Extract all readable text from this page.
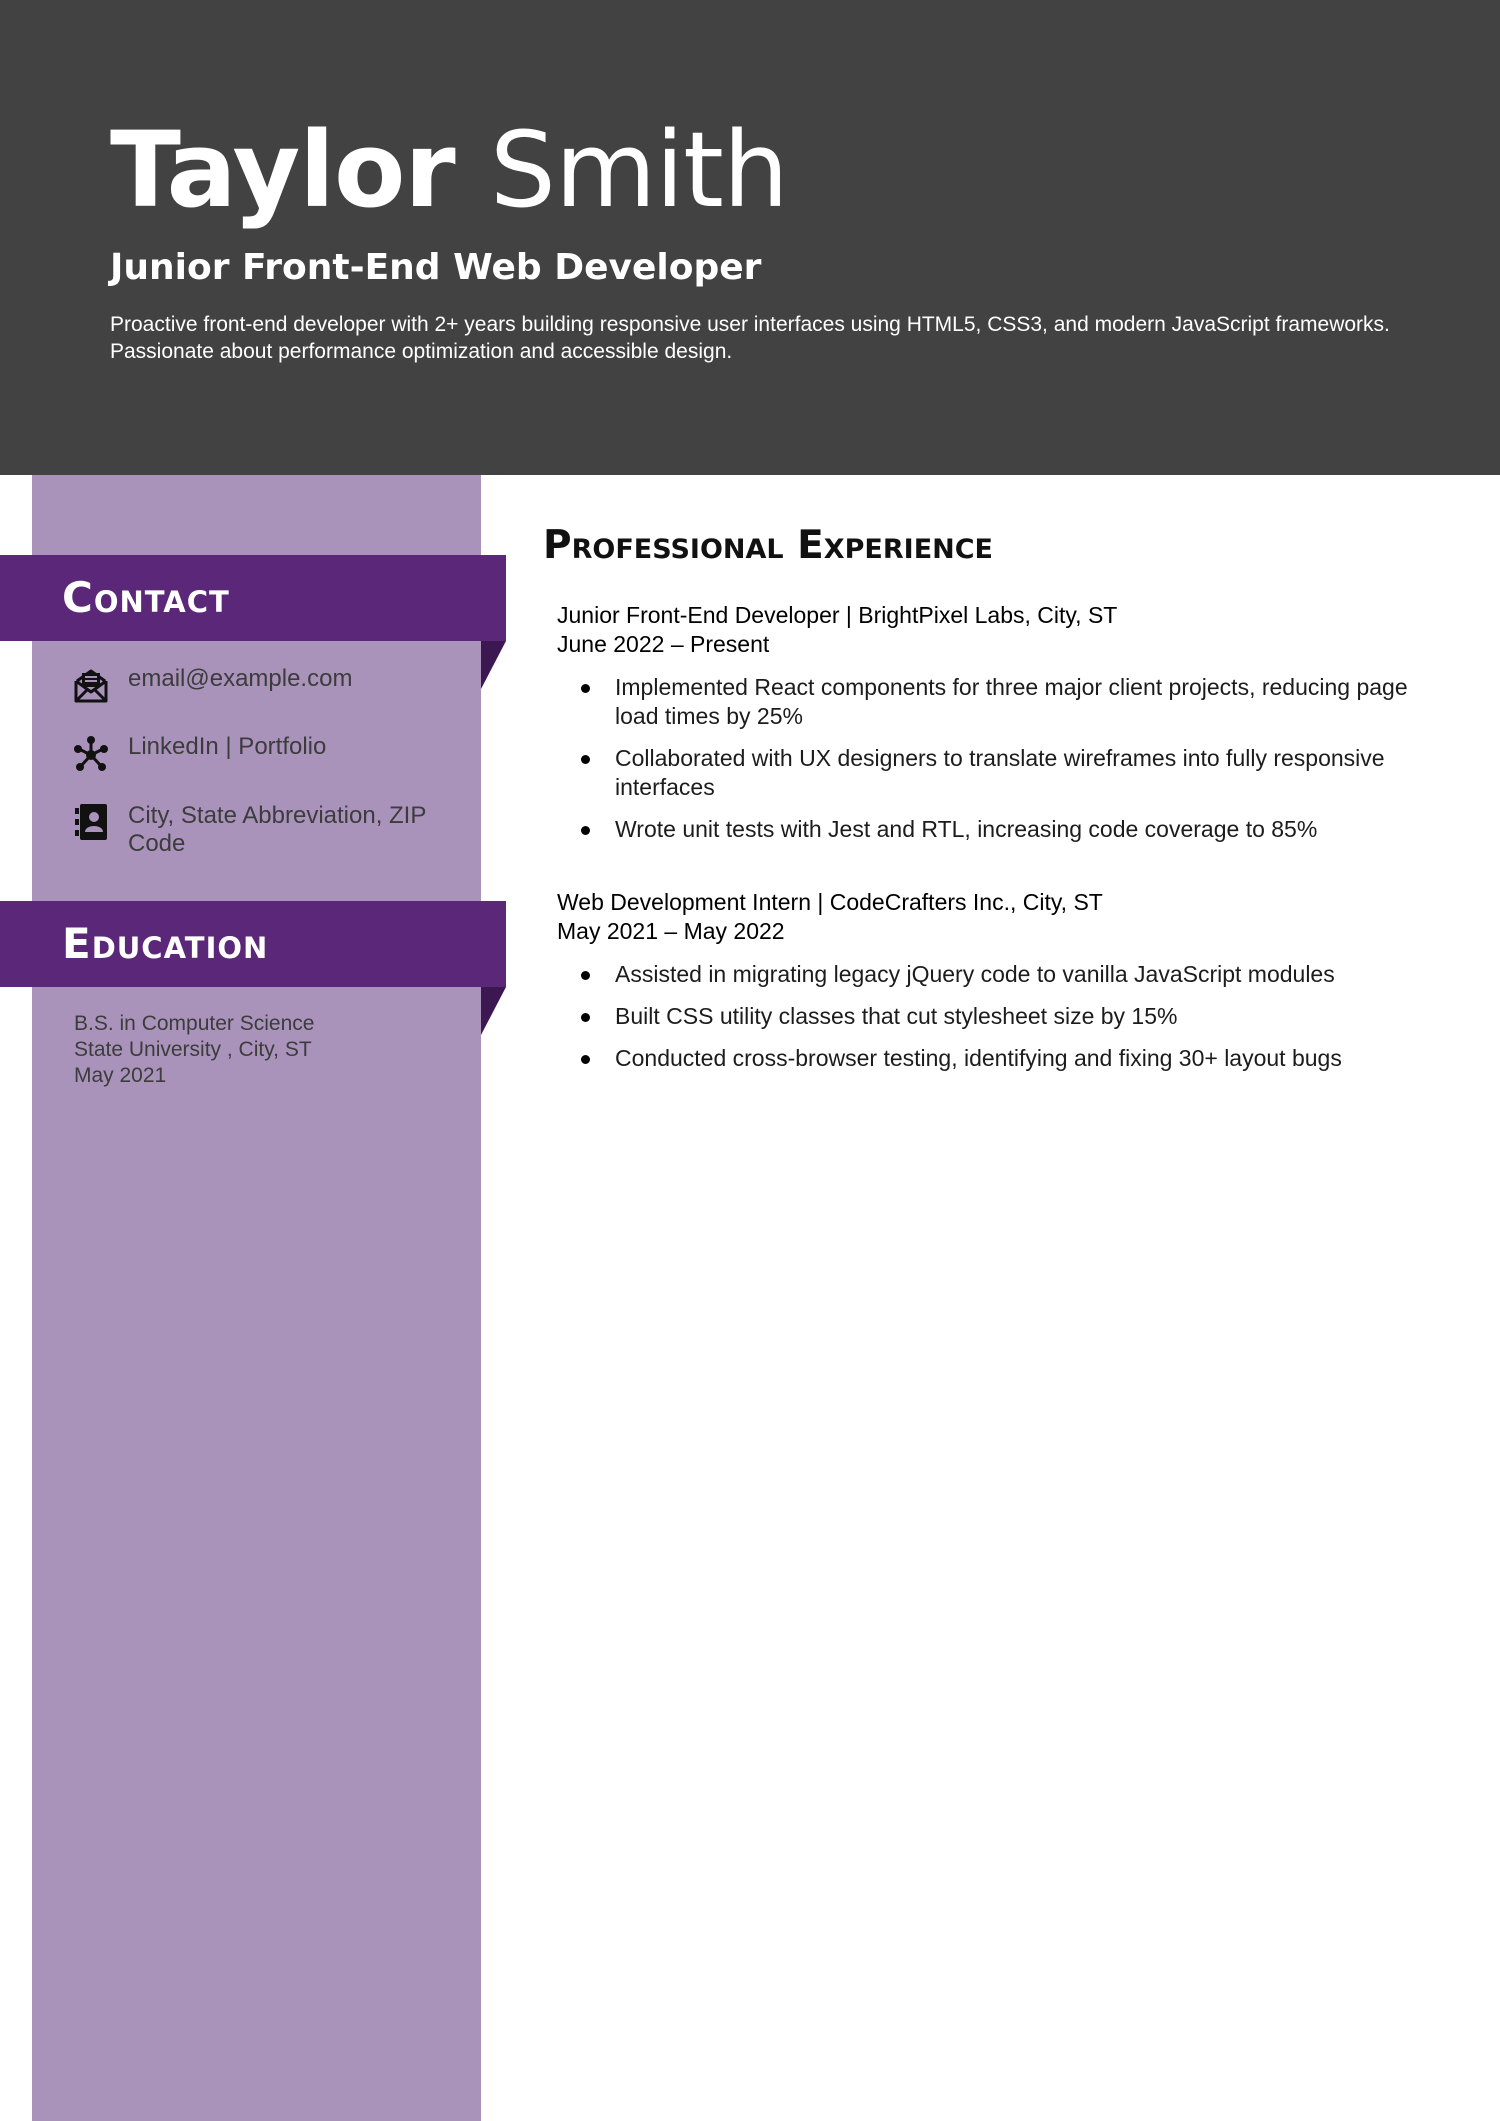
Taylor Smith
Junior Front-End Web Developer

Proactive front-end developer with 2+ years building responsive user interfaces using HTML5, CSS3, and modern JavaScript frameworks. Passionate about performance optimization and accessible design.

Contact
email@example.com
LinkedIn | Portfolio
City, State Abbreviation, ZIP Code
Education

B.S. in Computer Science

State University , City, ST

May 2021

Professional Experience

Junior Front-End Developer | BrightPixel Labs, City, ST

June 2022 – Present

Implemented React components for three major client projects, reducing page load times by 25%
Collaborated with UX designers to translate wireframes into fully responsive interfaces
Wrote unit tests with Jest and RTL, increasing code coverage to 85%

Web Development Intern | CodeCrafters Inc., City, ST

May 2021 – May 2022

Assisted in migrating legacy jQuery code to vanilla JavaScript modules
Built CSS utility classes that cut stylesheet size by 15%
Conducted cross-browser testing, identifying and fixing 30+ layout bugs
